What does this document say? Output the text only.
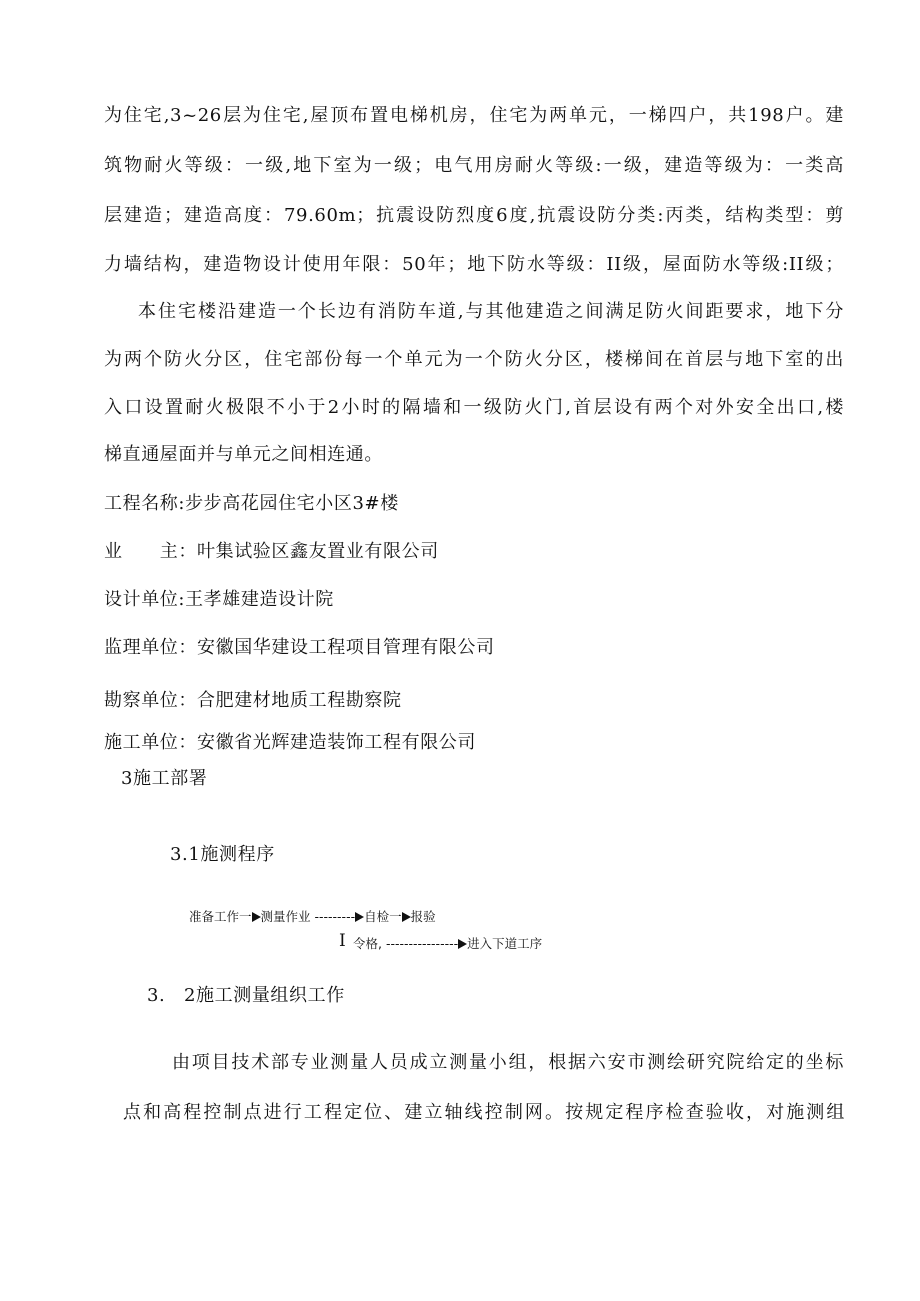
为住宅,3~26层为住宅,屋顶布置电梯机房，住宅为两单元，一梯四户，共198户。建
筑物耐火等级：一级,地下室为一级；电气用房耐火等级:一级，建造等级为：一类高
层建造；建造高度：79.60m；抗震设防烈度6度,抗震设防分类:丙类，结构类型：剪
力墙结构，建造物设计使用年限：50年；地下防水等级：II级，屋面防水等级:II级；
本住宅楼沿建造一个长边有消防车道,与其他建造之间满足防火间距要求，地下分
为两个防火分区，住宅部份每一个单元为一个防火分区，楼梯间在首层与地下室的出
入口设置耐火极限不小于2小时的隔墙和一级防火门,首层设有两个对外安全出口,楼
梯直通屋面并与单元之间相连通。
工程名称:步步高花园住宅小区3#楼
业　　主：叶集试验区鑫友置业有限公司
设计单位:王孝雄建造设计院
监理单位：安徽国华建设工程项目管理有限公司
勘察单位：合肥建材地质工程勘察院
施工单位：安徽省光辉建造装饰工程有限公司
3施工部署
3.1施测程序
准备工作一 测量作业 --------- 自检一 报验
I 令格, ---------------- 进入下道工序
3.　2施工测量组织工作
由项目技术部专业测量人员成立测量小组，根据六安市测绘研究院给定的坐标
点和高程控制点进行工程定位、建立轴线控制网。按规定程序检查验收，对施测组
